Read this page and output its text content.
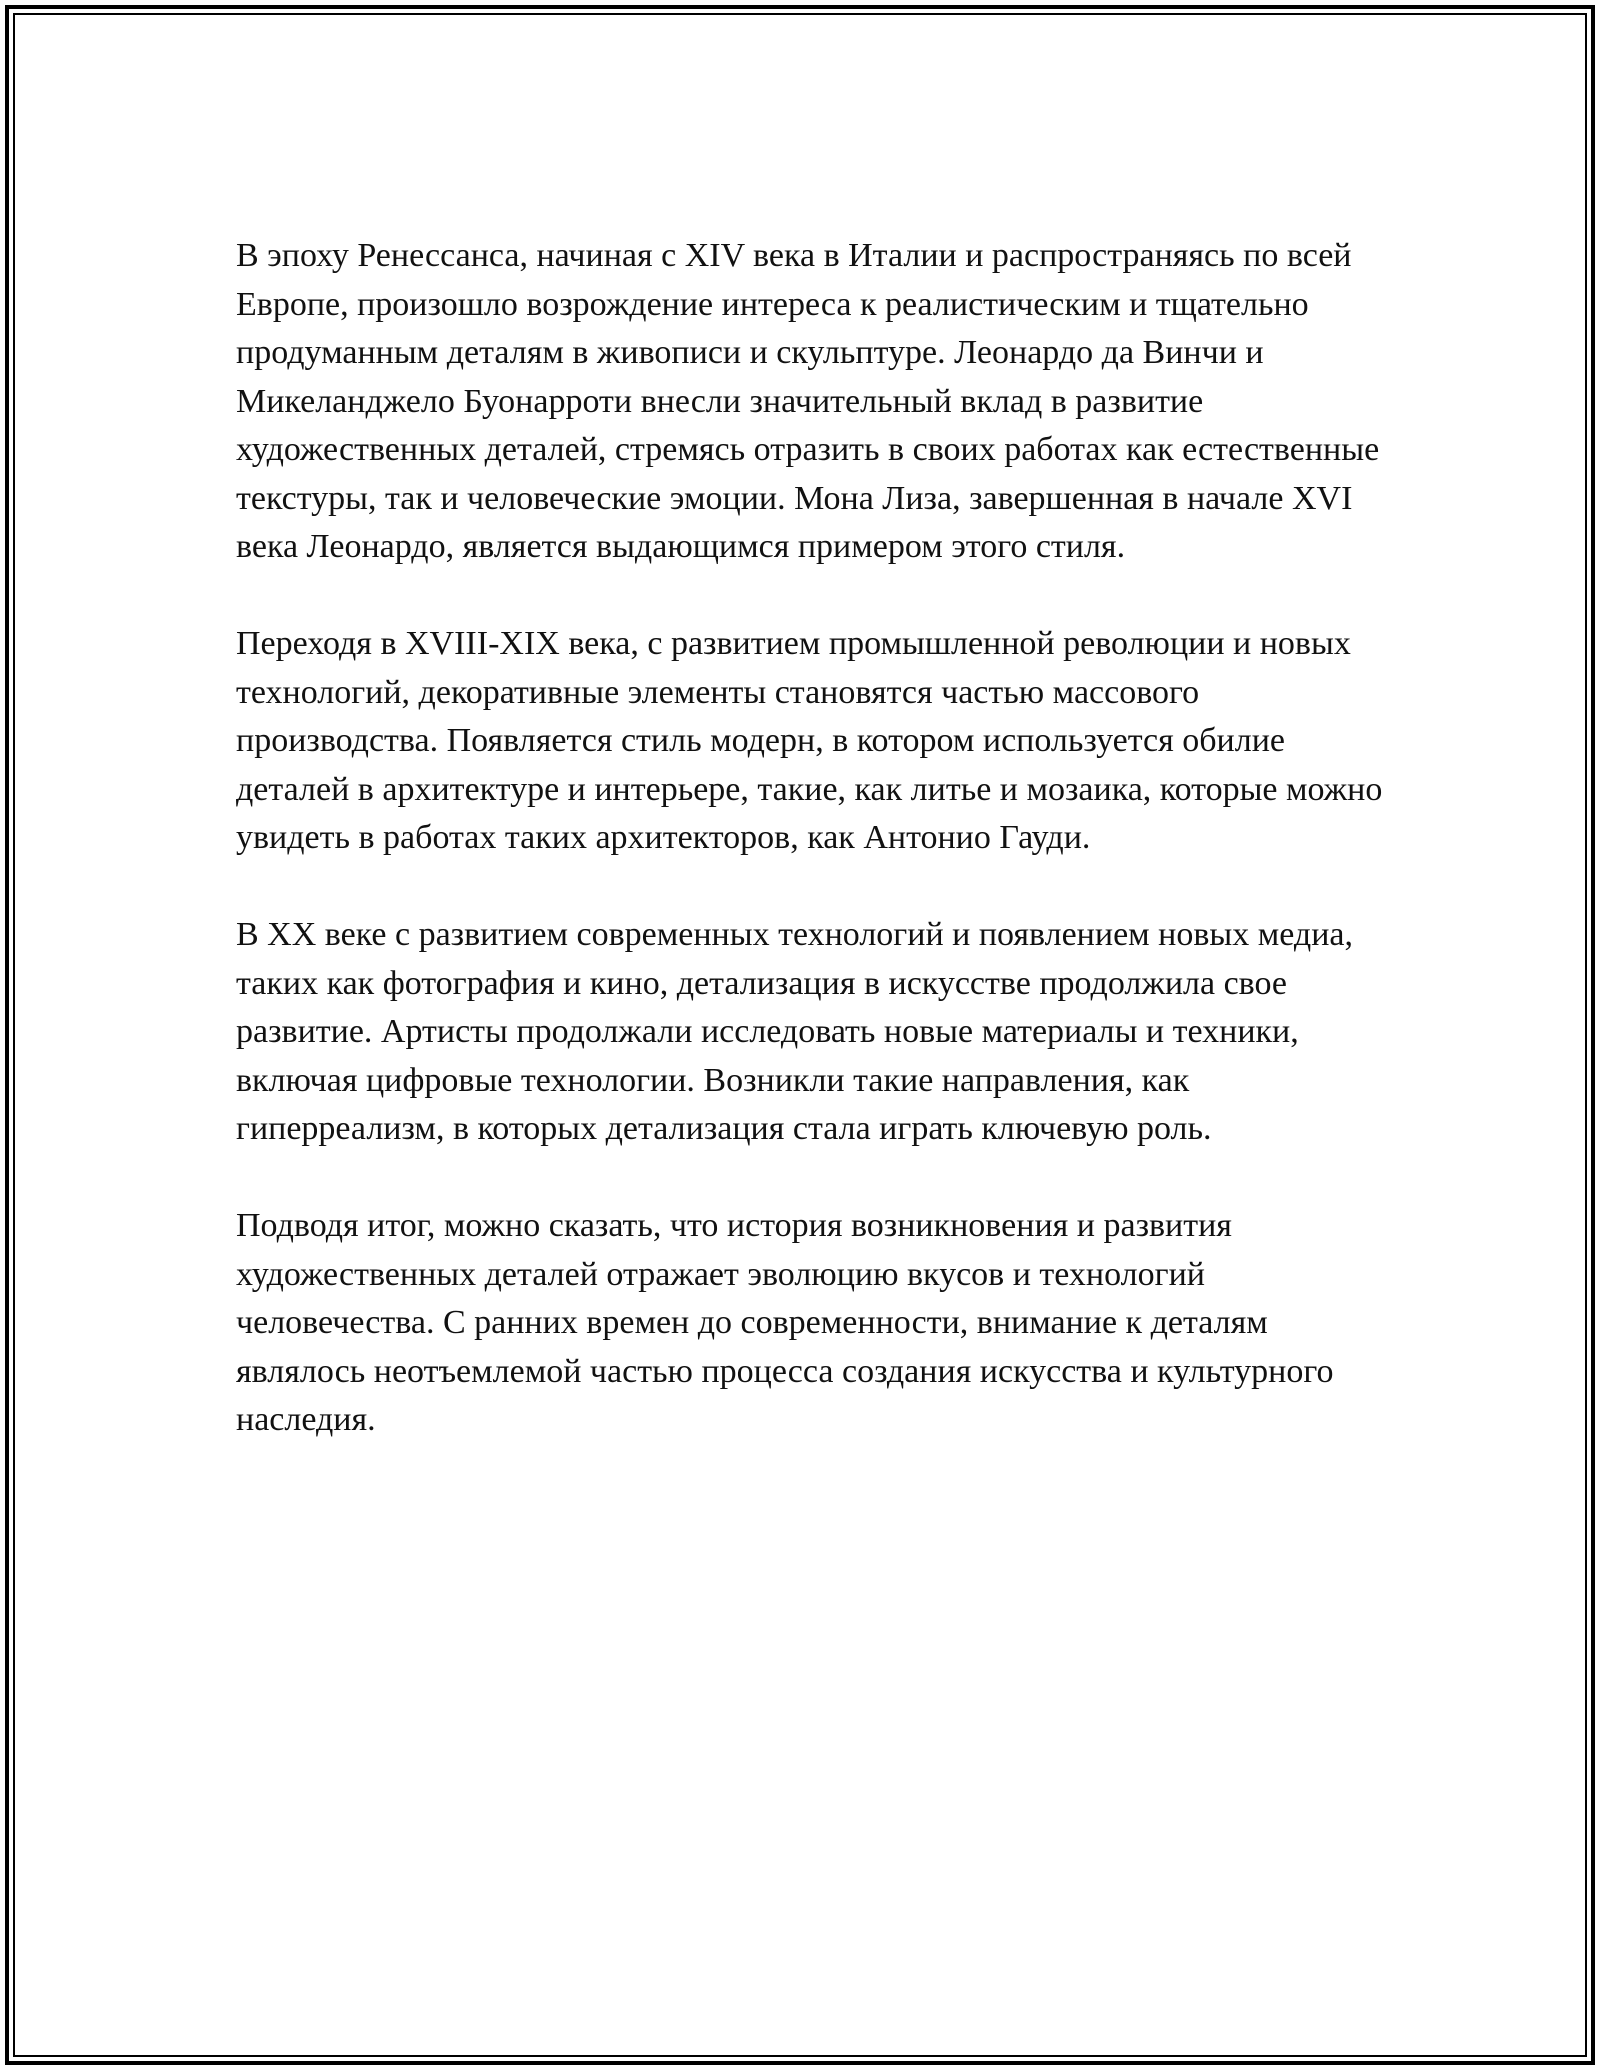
В эпоху Ренессанса, начиная с XIV века в Италии и распространяясь по всей Европе, произошло возрождение интереса к реалистическим и тщательно продуманным деталям в живописи и скульптуре. Леонардо да Винчи и Микеланджело Буонарроти внесли значительный вклад в развитие художественных деталей, стремясь отразить в своих работах как естественные текстуры, так и человеческие эмоции. Мона Лиза, завершенная в начале XVI века Леонардо, является выдающимся примером этого стиля.

Переходя в XVIII-XIX века, с развитием промышленной революции и новых технологий, декоративные элементы становятся частью массового производства. Появляется стиль модерн, в котором используется обилие деталей в архитектуре и интерьере, такие, как литье и мозаика, которые можно увидеть в работах таких архитекторов, как Антонио Гауди.

В XX веке с развитием современных технологий и появлением новых медиа, таких как фотография и кино, детализация в искусстве продолжила свое развитие. Артисты продолжали исследовать новые материалы и техники, включая цифровые технологии. Возникли такие направления, как гиперреализм, в которых детализация стала играть ключевую роль.

Подводя итог, можно сказать, что история возникновения и развития художественных деталей отражает эволюцию вкусов и технологий человечества. С ранних времен до современности, внимание к деталям являлось неотъемлемой частью процесса создания искусства и культурного наследия.
